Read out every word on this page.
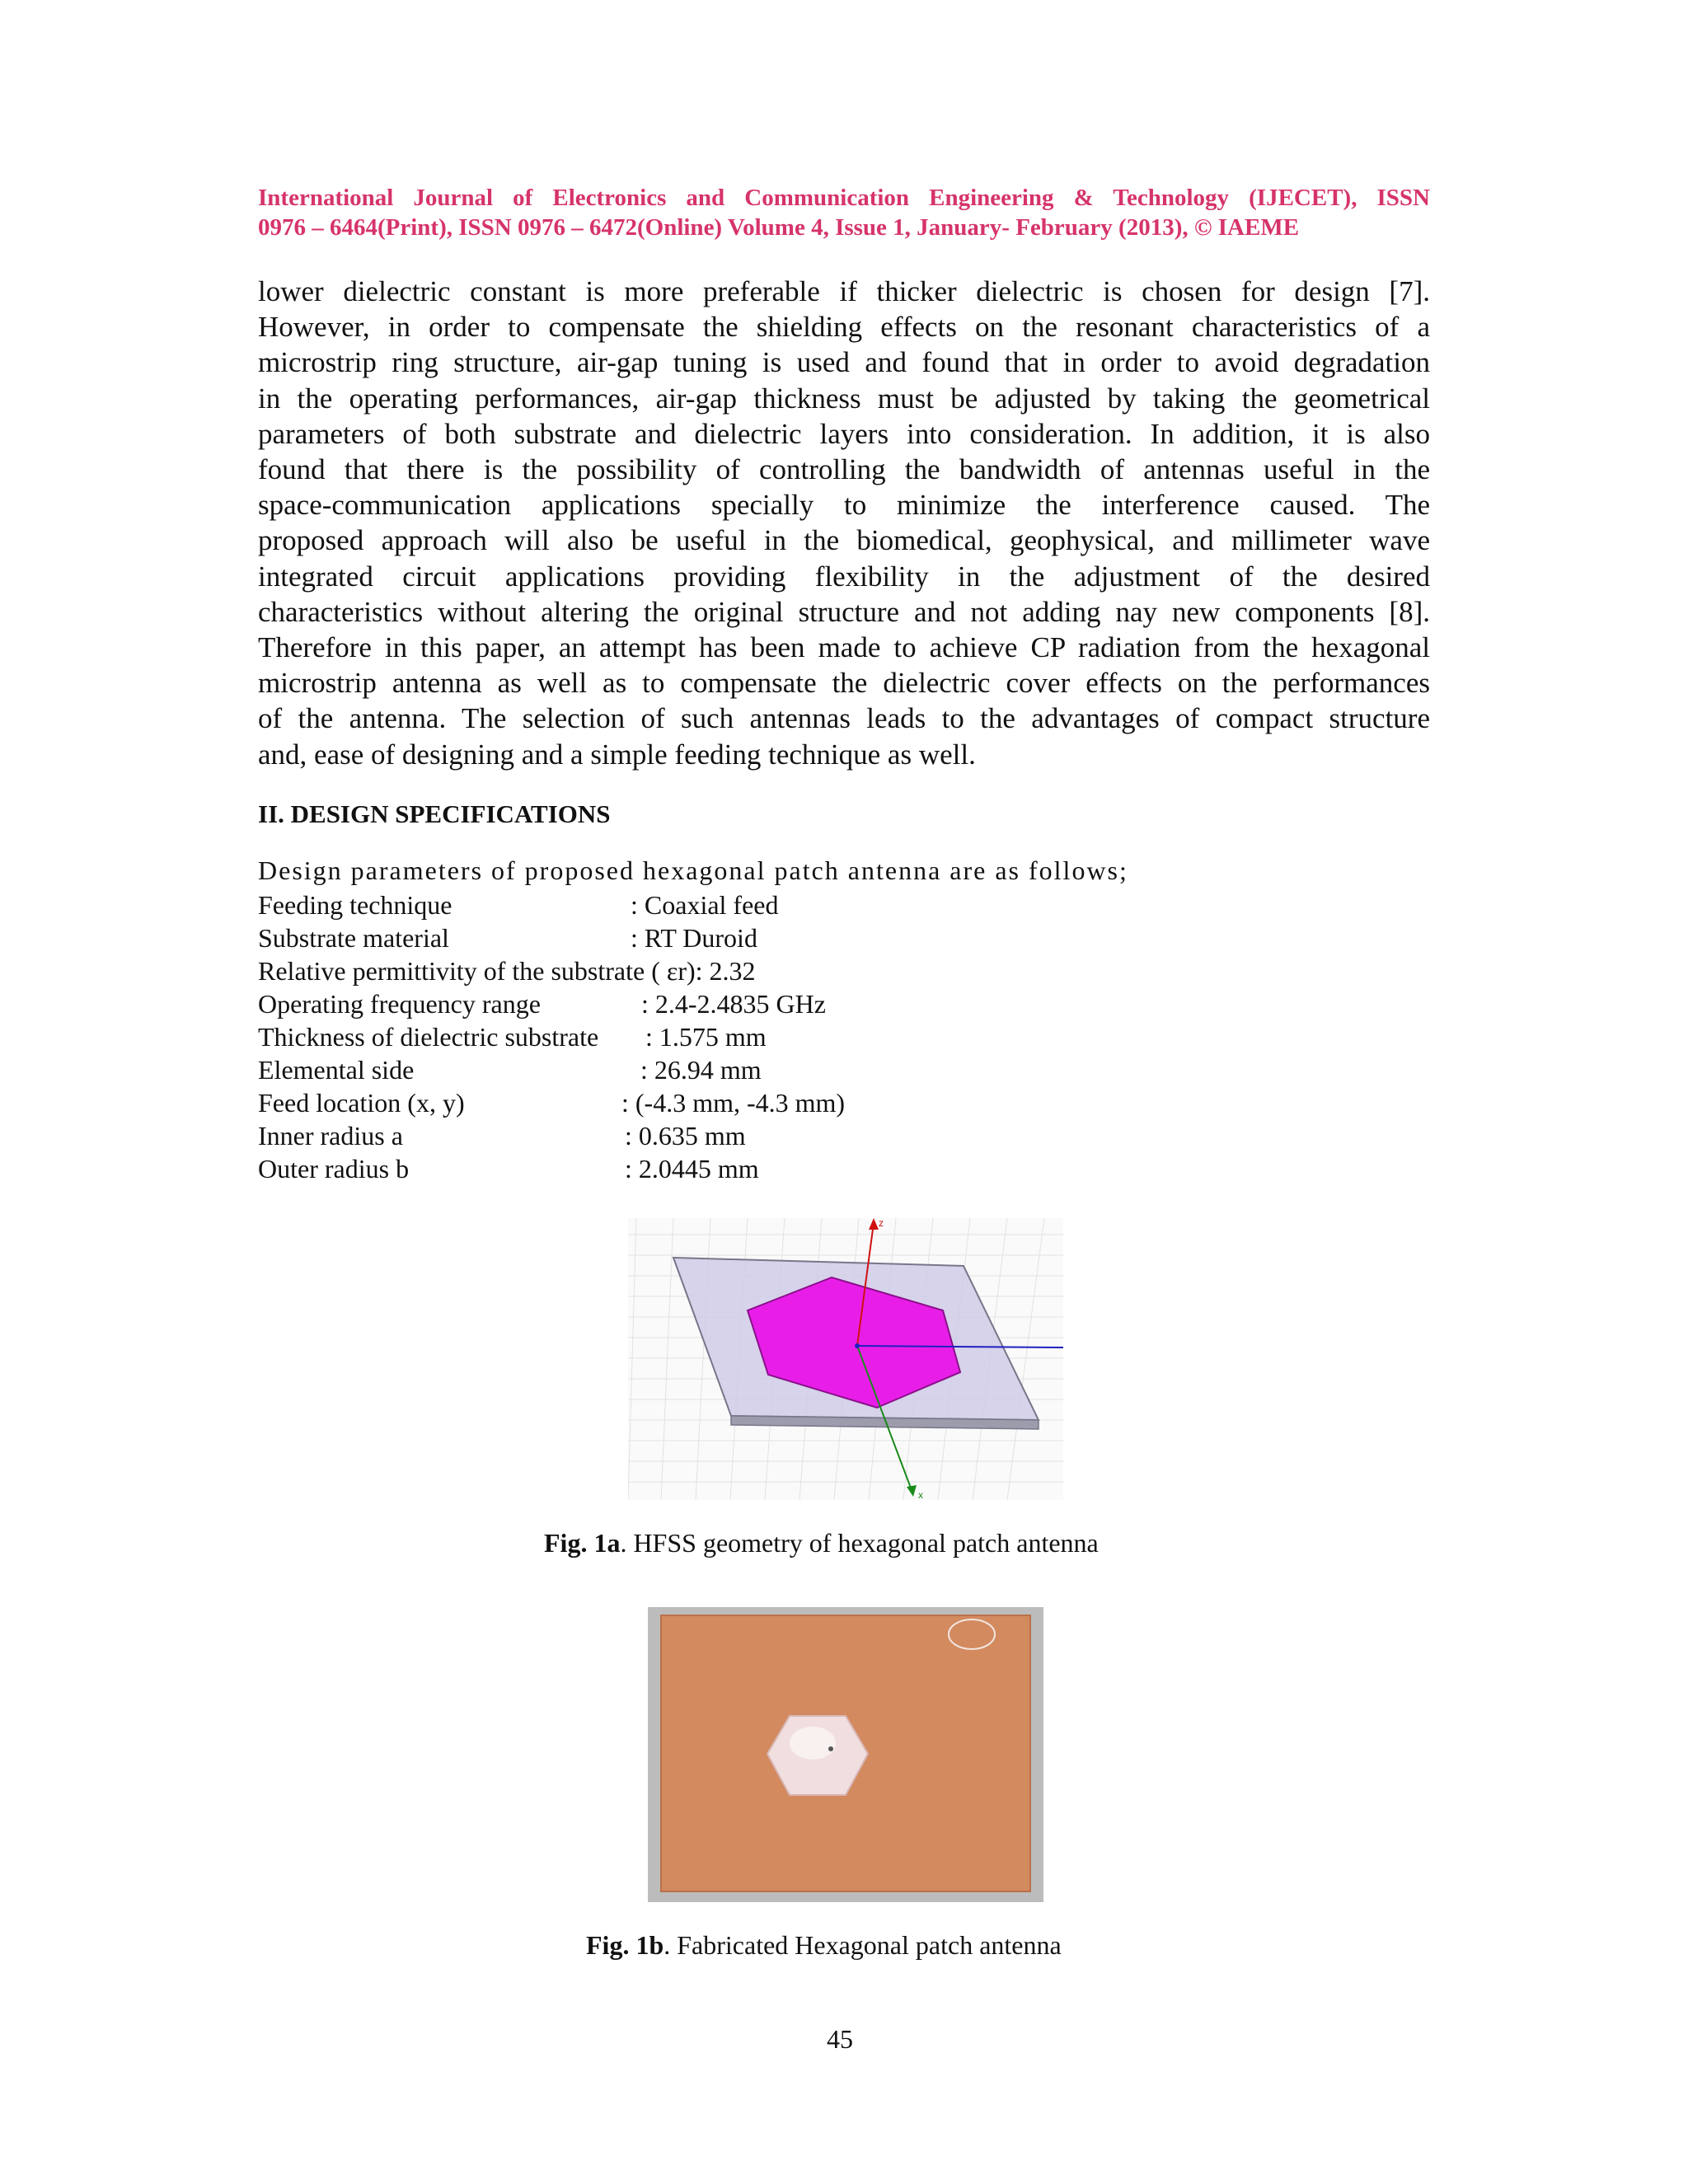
International Journal of Electronics and Communication Engineering & Technology (IJECET), ISSN
0976 – 6464(Print), ISSN 0976 – 6472(Online) Volume 4, Issue 1, January- February (2013), © IAEME
lower dielectric constant is more preferable if thicker dielectric is chosen for design [7].
However, in order to compensate the shielding effects on the resonant characteristics of a
microstrip ring structure, air-gap tuning is used and found that in order to avoid degradation
in the operating performances, air-gap thickness must be adjusted by taking the geometrical
parameters of both substrate and dielectric layers into consideration. In addition, it is also
found that there is the possibility of controlling the bandwidth of antennas useful in the
space-communication applications specially to minimize the interference caused. The
proposed approach will also be useful in the biomedical, geophysical, and millimeter wave
integrated circuit applications providing flexibility in the adjustment of the desired
characteristics without altering the original structure and not adding nay new components [8].
Therefore in this paper, an attempt has been made to achieve CP radiation from the hexagonal
microstrip antenna as well as to compensate the dielectric cover effects on the performances
of the antenna. The selection of such antennas leads to the advantages of compact structure
and, ease of designing and a simple feeding technique as well.
II. DESIGN SPECIFICATIONS
Design parameters of proposed hexagonal patch antenna are as follows;
Feeding technique	: Coaxial feed
Substrate material	: RT Duroid
Relative permittivity of the substrate ( εr): 2.32
Operating frequency range	: 2.4-2.4835 GHz
Thickness of dielectric substrate : 1.575 mm
Elemental side	: 26.94 mm
Feed location (x, y)	: (-4.3 mm, -4.3 mm)
Inner radius a	: 0.635 mm
Outer radius b	: 2.0445 mm
z
x
Fig. 1a. HFSS geometry of hexagonal patch antenna
Fig. 1b. Fabricated Hexagonal patch antenna
45
